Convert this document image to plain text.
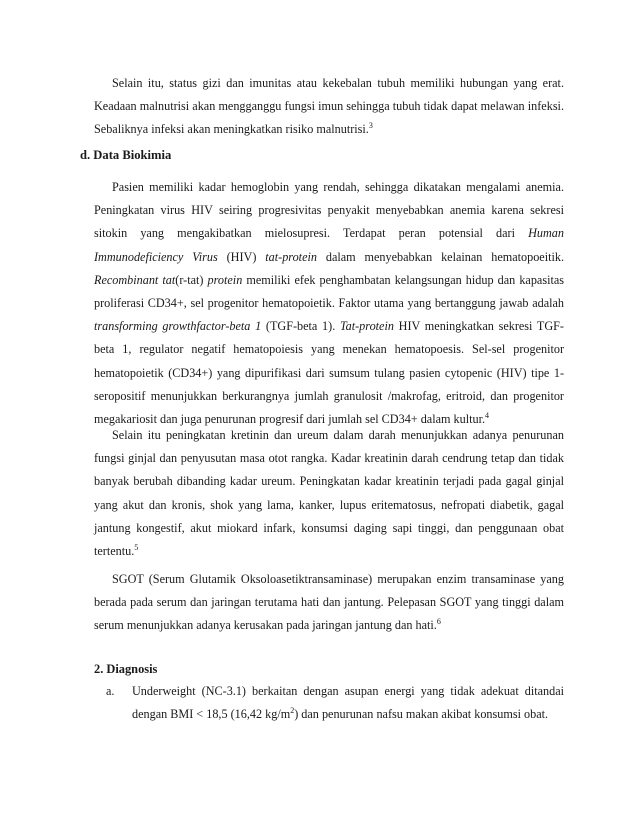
Selain itu, status gizi dan imunitas atau kekebalan tubuh memiliki hubungan yang erat. Keadaan malnutrisi akan mengganggu fungsi imun sehingga tubuh tidak dapat melawan infeksi. Sebaliknya infeksi akan meningkatkan risiko malnutrisi.$^3$

d. Data Biokimia

Pasien memiliki kadar hemoglobin yang rendah, sehingga dikatakan mengalami anemia. Peningkatan virus HIV seiring progresivitas penyakit menyebabkan anemia karena sekresi sitokin yang mengakibatkan mielosupresi. Terdapat peran potensial dari Human Immunodeficiency Virus (HIV) tat-protein dalam menyebabkan kelainan hematopoeitik. Recombinant tat(r-tat) protein memiliki efek penghambatan kelangsungan hidup dan kapasitas proliferasi CD34+, sel progenitor hematopoietik. Faktor utama yang bertanggung jawab adalah transforming growthfactor-beta 1 (TGF-beta 1). Tat-protein HIV meningkatkan sekresi TGF-beta 1, regulator negatif hematopoiesis yang menekan hematopoesis. Sel-sel progenitor hematopoietik (CD34+) yang dipurifikasi dari sumsum tulang pasien cytopenic (HIV) tipe 1-seropositif menunjukkan berkurangnya jumlah granulosit /makrofag, eritroid, dan progenitor megakariosit dan juga penurunan progresif dari jumlah sel CD34+ dalam kultur.$^4$

Selain itu peningkatan kretinin dan ureum dalam darah menunjukkan adanya penurunan fungsi ginjal dan penyusutan masa otot rangka. Kadar kreatinin darah cendrung tetap dan tidak banyak berubah dibanding kadar ureum. Peningkatan kadar kreatinin terjadi pada gagal ginjal yang akut dan kronis, shok yang lama, kanker, lupus eritematosus, nefropati diabetik, gagal jantung kongestif, akut miokard infark, konsumsi daging sapi tinggi, dan penggunaan obat tertentu.$^5$

SGOT (Serum Glutamik Oksoloasetiktransaminase) merupakan enzim transaminase yang berada pada serum dan jaringan terutama hati dan jantung. Pelepasan SGOT yang tinggi dalam serum menunjukkan adanya kerusakan pada jaringan jantung dan hati.$^6$

2. Diagnosis
a.	Underweight (NC-3.1) berkaitan dengan asupan energi yang tidak adekuat ditandai dengan BMI < 18,5 (16,42 $kg/m^2$) dan penurunan nafsu makan akibat konsumsi obat.
